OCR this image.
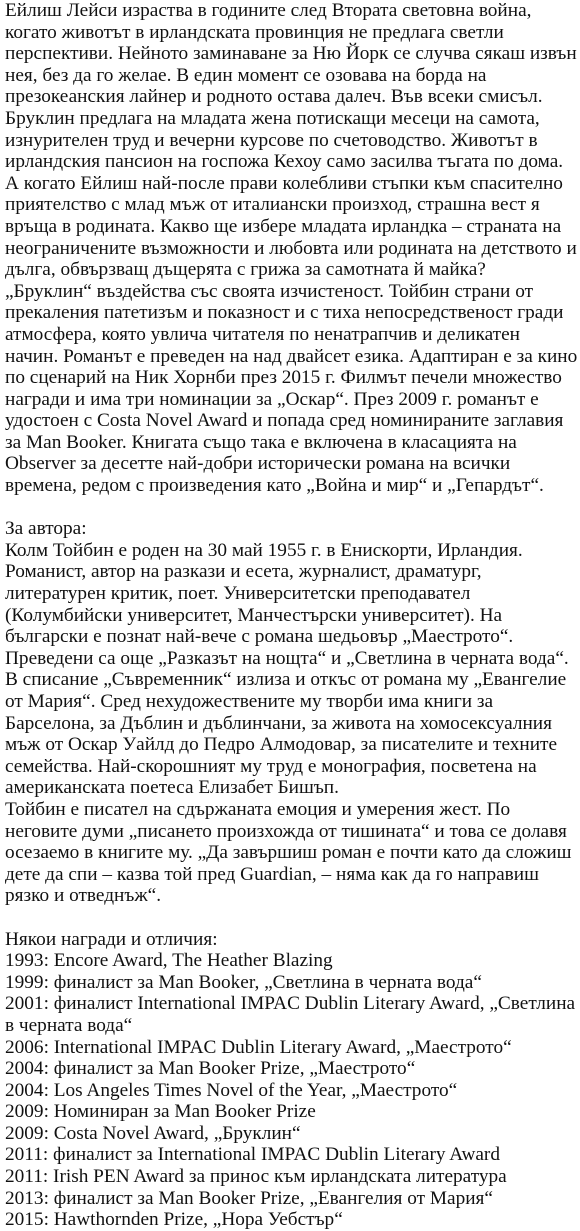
Ейлиш Лейси израства в годините след Втората световна война,
когато животът в ирландската провинция не предлага светли
перспективи. Нейното заминаване за Ню Йорк се случва сякаш извън
нея, без да го желае. В един момент се озовава на борда на
презокеанския лайнер и родното остава далеч. Във всеки смисъл.
Бруклин предлага на младата жена потискащи месеци на самота,
изнурителен труд и вечерни курсове по счетоводство. Животът в
ирландския пансион на госпожа Кехоу само засилва тъгата по дома.
А когато Ейлиш най-после прави колебливи стъпки към спасително
приятелство с млад мъж от италиански произход, страшна вест я
връща в родината. Какво ще избере младата ирландка – страната на
неограничените възможности и любовта или родината на детството и
дълга, обвързващ дъщерята с грижа за самотната й майка?
„Бруклин“ въздейства със своята изчистеност. Тойбин страни от
прекаления патетизъм и показност и с тиха непосредственост гради
атмосфера, която увлича читателя по ненатрапчив и деликатен
начин. Романът е преведен на над двайсет езика. Адаптиран е за кино
по сценарий на Ник Хорнби през 2015 г. Филмът печели множество
награди и има три номинации за „Оскар“. През 2009 г. романът е
удостоен с Costa Novel Award и попада сред номинираните заглавия
за Man Booker. Книгата също така е включена в класацията на
Observer за десетте най-добри исторически романа на всички
времена, редом с произведения като „Война и мир“ и „Гепардът“.
За автора:
Колм Тойбин е роден на 30 май 1955 г. в Енискорти, Ирландия.
Романист, автор на разкази и есета, журналист, драматург,
литературен критик, поет. Университетски преподавател
(Колумбийски университет, Манчестърски университет). На
български е познат най-вече с романа шедьовър „Маестрото“.
Преведени са още „Разказът на нощта“ и „Светлина в черната вода“.
В списание „Съвременник“ излиза и откъс от романа му „Евангелие
от Мария“. Сред нехудожествените му творби има книги за
Барселона, за Дъблин и дъблинчани, за живота на хомосексуалния
мъж от Оскар Уайлд до Педро Алмодовар, за писателите и техните
семейства. Най-скорошният му труд е монография, посветена на
американската поетеса Елизабет Бишъп.
Тойбин е писател на сдържаната емоция и умерения жест. По
неговите думи „писането произхожда от тишината“ и това се долавя
осезаемо в книгите му. „Да завършиш роман е почти като да сложиш
дете да спи – казва той пред Guardian, – няма как да го направиш
рязко и отведнъж“.
Някои награди и отличия:
1993: Encore Award, The Heather Blazing
1999: финалист за Man Booker, „Светлина в черната вода“
2001: финалист International IMPAC Dublin Literary Award, „Светлина
в черната вода“
2006: International IMPAC Dublin Literary Award, „Маестрото“
2004: финалист за Man Booker Prize, „Маестрото“
2004: Los Angeles Times Novel of the Year, „Маестрото“
2009: Номиниран за Man Booker Prize
2009: Costa Novel Award, „Бруклин“
2011: финалист за International IMPAC Dublin Literary Award
2011: Irish PEN Award за принос към ирландската литература
2013: финалист за Man Booker Prize, „Евангелия от Мария“
2015: Hawthornden Prize, „Нора Уебстър“
